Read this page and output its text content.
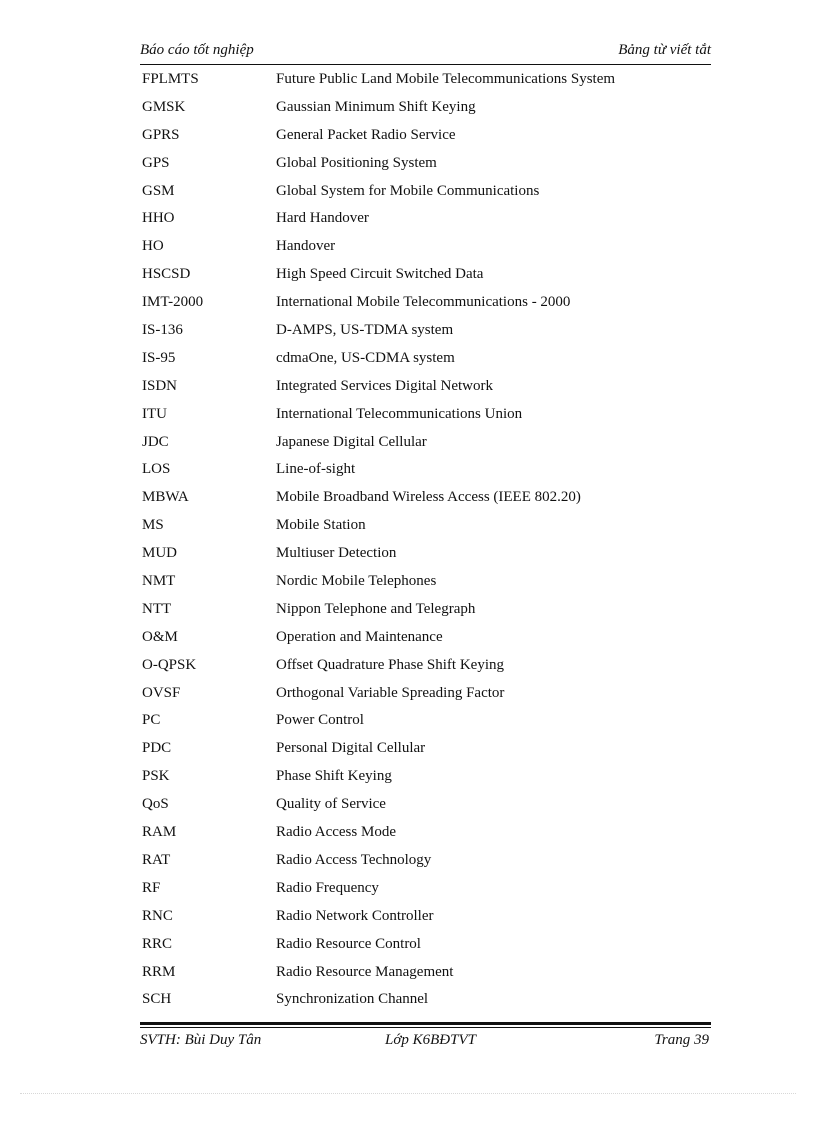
Báo cáo tốt nghiệp	Bảng từ viết tắt
FPLMTS	Future Public Land Mobile Telecommunications System
GMSK	Gaussian Minimum Shift Keying
GPRS	General Packet Radio Service
GPS	Global Positioning System
GSM	Global System for Mobile Communications
HHO	Hard Handover
HO	Handover
HSCSD	High Speed Circuit Switched Data
IMT-2000	International Mobile Telecommunications - 2000
IS-136	D-AMPS, US-TDMA system
IS-95	cdmaOne, US-CDMA system
ISDN	Integrated Services Digital Network
ITU	International Telecommunications Union
JDC	Japanese Digital Cellular
LOS	Line-of-sight
MBWA	Mobile Broadband Wireless Access (IEEE 802.20)
MS	Mobile Station
MUD	Multiuser Detection
NMT	Nordic Mobile Telephones
NTT	Nippon Telephone and Telegraph
O&M	Operation and Maintenance
O-QPSK	Offset Quadrature Phase Shift Keying
OVSF	Orthogonal Variable Spreading Factor
PC	Power Control
PDC	Personal Digital Cellular
PSK	Phase Shift Keying
QoS	Quality of Service
RAM	Radio Access Mode
RAT	Radio Access Technology
RF	Radio Frequency
RNC	Radio Network Controller
RRC	Radio Resource Control
RRM	Radio Resource Management
SCH	Synchronization Channel
SVTH: Bùi Duy Tân	Lớp K6BĐTVT	Trang 39
